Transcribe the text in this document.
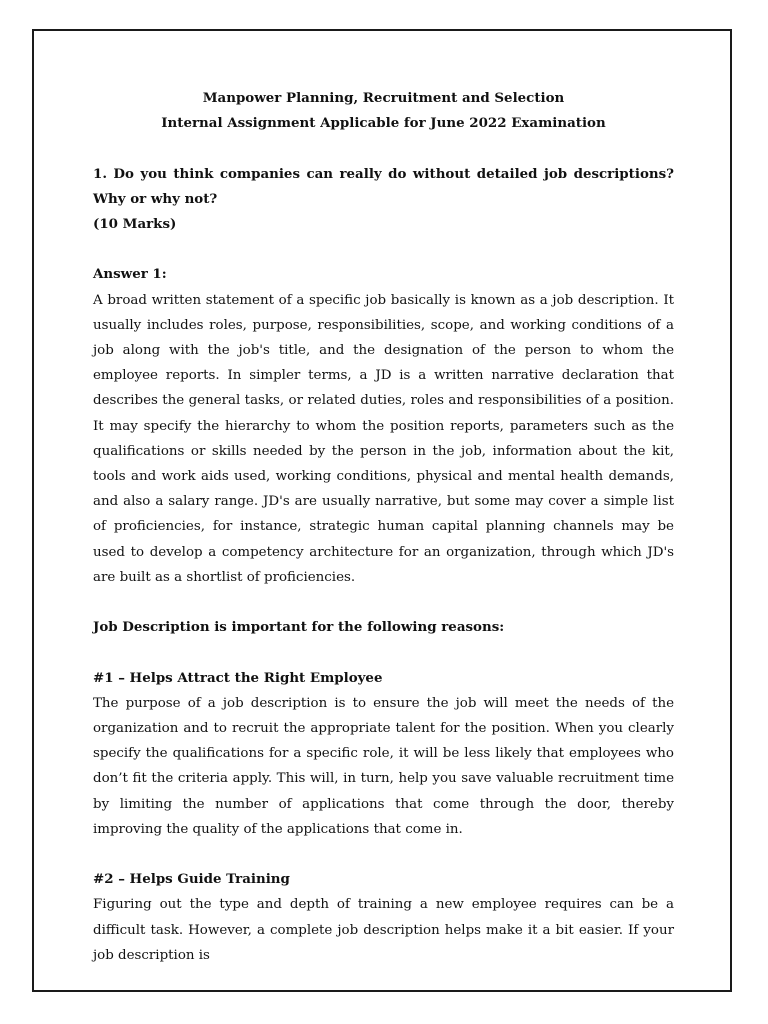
Manpower Planning, Recruitment and Selection

Internal Assignment Applicable for June 2022 Examination

1. Do you think companies can really do without detailed job descriptions? Why or why not?

(10 Marks)

Answer 1:

A broad written statement of a specific job basically is known as a job description. It usually includes roles, purpose, responsibilities, scope, and working conditions of a job along with the job's title, and the designation of the person to whom the employee reports. In simpler terms, a JD is a written narrative declaration that describes the general tasks, or related duties, roles and responsibilities of a position. It may specify the hierarchy to whom the position reports, parameters such as the qualifications or skills needed by the person in the job, information about the kit, tools and work aids used, working conditions, physical and mental health demands, and also a salary range. JD's are usually narrative, but some may cover a simple list of proficiencies, for instance, strategic human capital planning channels may be used to develop a competency architecture for an organization, through which JD's are built as a shortlist of proficiencies.

Job Description is important for the following reasons:

#1 – Helps Attract the Right Employee

The purpose of a job description is to ensure the job will meet the needs of the organization and to recruit the appropriate talent for the position. When you clearly specify the qualifications for a specific role, it will be less likely that employees who don’t fit the criteria apply. This will, in turn, help you save valuable recruitment time by limiting the number of applications that come through the door, thereby improving the quality of the applications that come in.

#2 – Helps Guide Training

Figuring out the type and depth of training a new employee requires can be a difficult task. However, a complete job description helps make it a bit easier. If your job description is
